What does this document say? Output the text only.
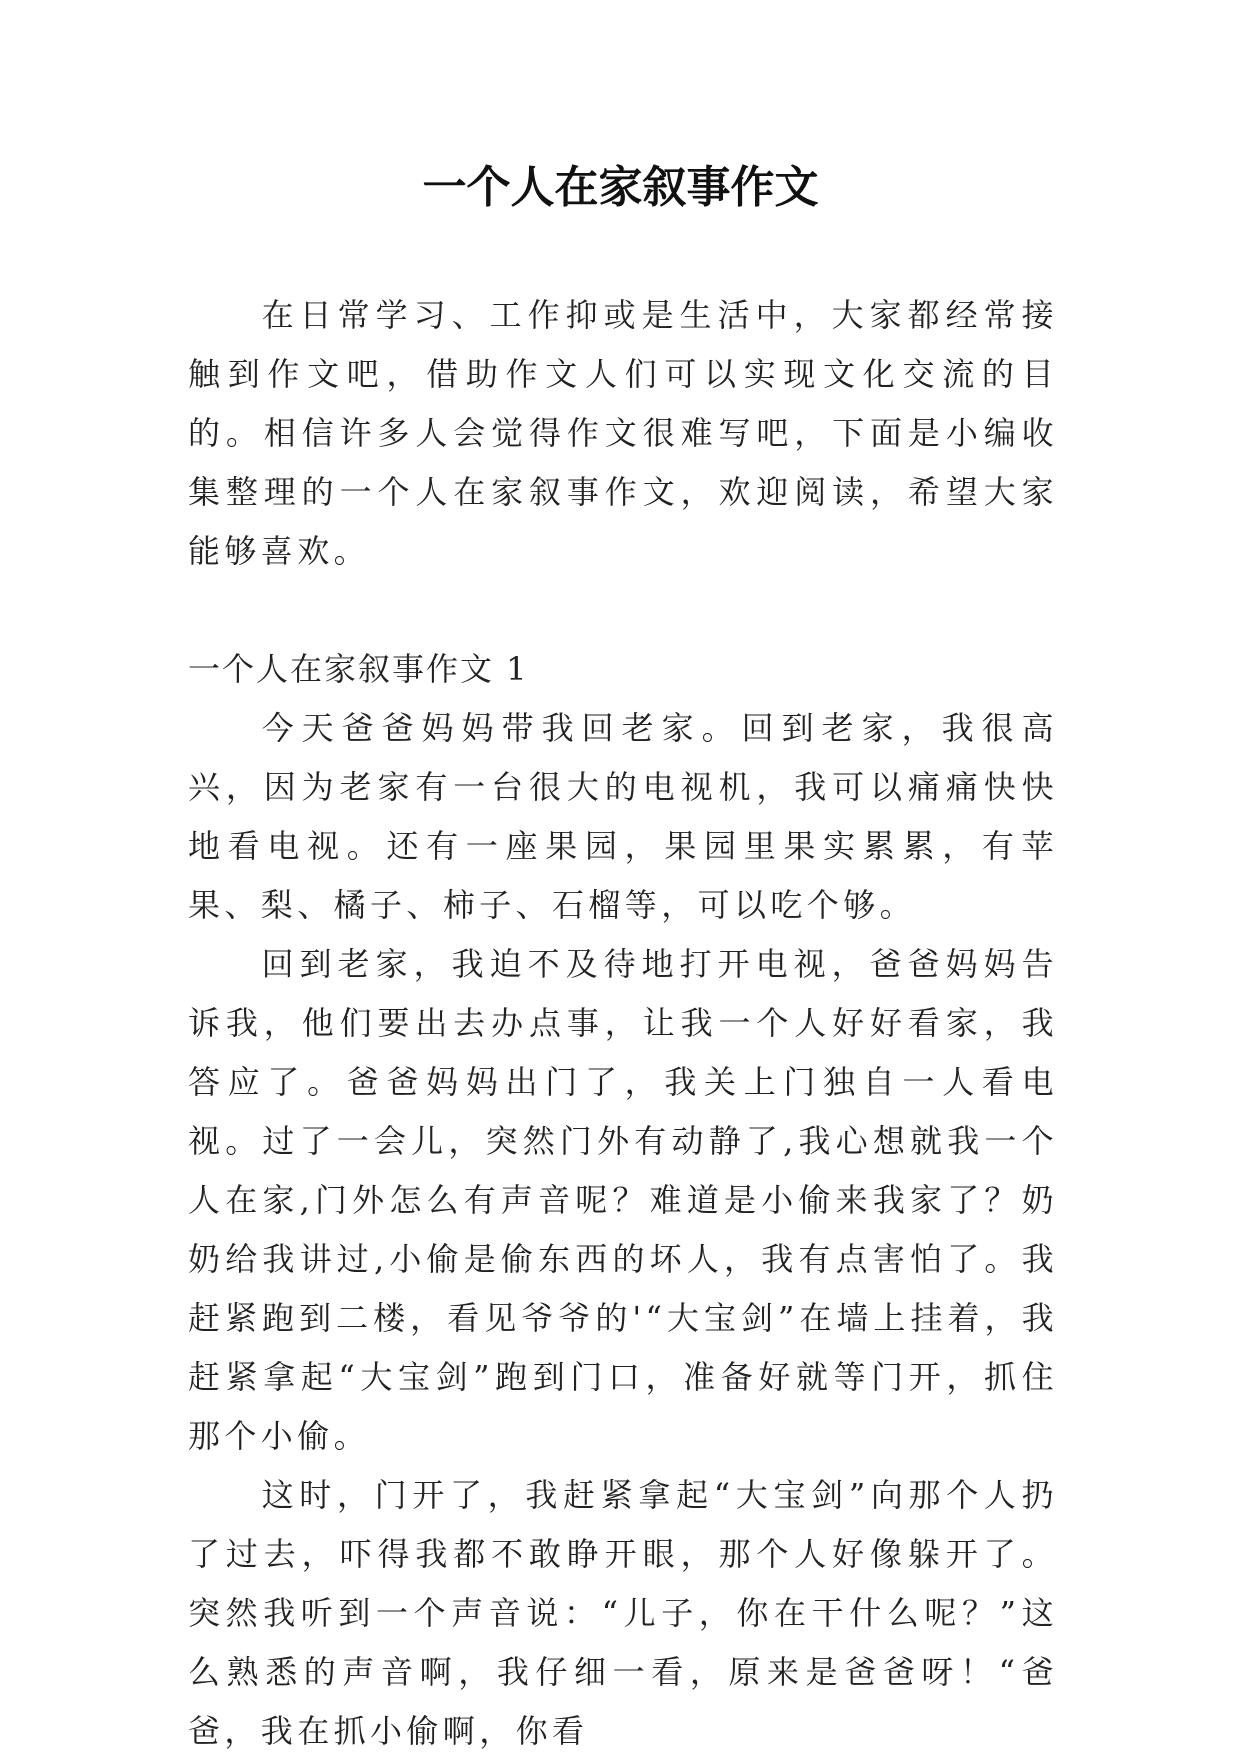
一个人在家叙事作文

在日常学习、工作抑或是生活中，大家都经常接触到作文吧，借助作文人们可以实现文化交流的目的。相信许多人会觉得作文很难写吧，下面是小编收集整理的一个人在家叙事作文，欢迎阅读，希望大家能够喜欢。

一个人在家叙事作文 1

今天爸爸妈妈带我回老家。回到老家，我很高兴，因为老家有一台很大的电视机，我可以痛痛快快地看电视。还有一座果园，果园里果实累累，有苹果、梨、橘子、柿子、石榴等，可以吃个够。

回到老家，我迫不及待地打开电视，爸爸妈妈告诉我，他们要出去办点事，让我一个人好好看家，我答应了。爸爸妈妈出门了，我关上门独自一人看电视。过了一会儿，突然门外有动静了,我心想就我一个人在家,门外怎么有声音呢？难道是小偷来我家了？奶奶给我讲过,小偷是偷东西的坏人，我有点害怕了。我赶紧跑到二楼，看见爷爷的'“大宝剑”在墙上挂着，我赶紧拿起“大宝剑”跑到门口，准备好就等门开，抓住那个小偷。

这时，门开了，我赶紧拿起“大宝剑”向那个人扔了过去，吓得我都不敢睁开眼，那个人好像躲开了。突然我听到一个声音说：“儿子，你在干什么呢？”这么熟悉的声音啊，我仔细一看，原来是爸爸呀！“爸爸，我在抓小偷啊，你看
